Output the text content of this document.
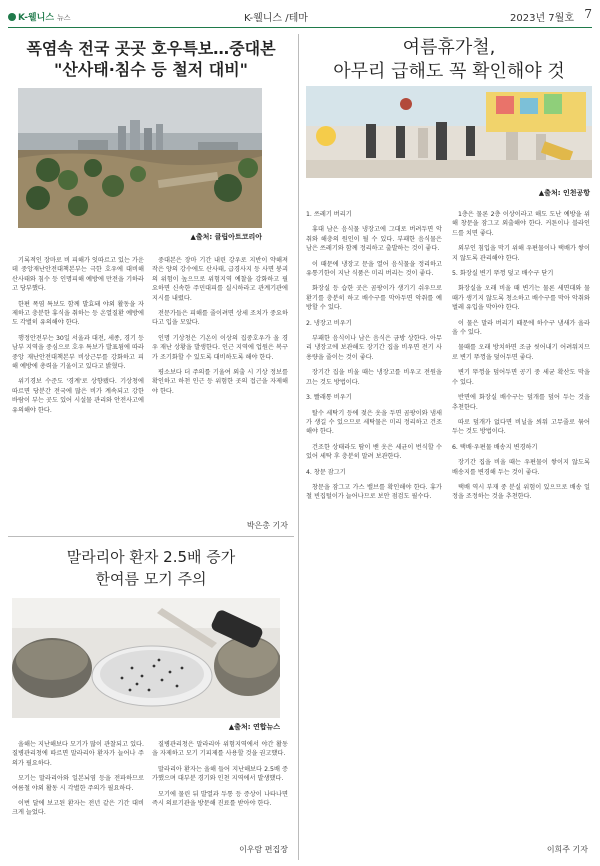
K-웰니스 뉴스	K-웰니스 /테마	2023년 7월호 7
폭염속 전국 곳곳 호우특보…중대본
"산사태·침수 등 철저 대비"
▲출처: 클립아트코리아

기록적인 장마로 비 피해가 잇따르고 있는 가운데 중앙재난안전대책본부는 극한 호우에 대비해 산사태와 침수 등 인명피해 예방에 만전을 기하라고 당부했다.

한편 폭염 특보도 함께 발효돼 야외 활동을 자제하고 충분한 휴식을 취하는 등 온열질환 예방에도 각별히 유의해야 한다.

행정안전부는 30일 서울과 대전, 세종, 경기 등 남부 지역을 중심으로 호우 특보가 발표됨에 따라 중앙 재난안전대책본부 비상근무를 강화하고 피해 예방에 총력을 기울이고 있다고 밝혔다.

위기경보 수준도 '경계'로 상향됐다. 기상청에 따르면 당분간 전국에 많은 비가 계속되고 강한 바람이 부는 곳도 있어 시설물 관리와 안전사고에 유의해야 한다.

중대본은 장마 기간 내린 강우로 지반이 약해져 작은 양의 강수에도 산사태, 급경사지 등 사면 붕괴의 위험이 높으므로 위험지역 예찰을 강화하고 필요하면 신속한 주민대피를 실시하라고 관계기관에 지시를 내렸다.

전문가들은 피해를 줄이려면 상세 조치가 중요하다고 입을 모았다.

인명 기상청은 기온이 이상의 집중호우가 올 경우 재난 상황을 발생한다. 인근 지역에 업원은 복구가 조기화할 수 있도록 대비하도록 해야 한다.

평소보다 더 주의를 기울여 외출 시 기상 정보를 확인하고 하천 인근 등 위험한 곳의 접근을 자제해야 한다.

박은총 기자
말라리아 환자 2.5배 증가
한여름 모기 주의
▲출처: 연합뉴스

올해는 지난해보다 모기가 많이 관찰되고 있다. 질병관리청에 따르면 말라리아 환자가 늘어나 주의가 필요하다.

모기는 말라리아와 일본뇌염 등을 전파하므로 여름철 야외 활동 시 각별한 주의가 필요하다.

이번 달에 보고된 환자는 전년 같은 기간 대비 크게 늘었다.

질병관리청은 말라리아 위험지역에서 야간 활동을 자제하고 모기 기피제를 사용할 것을 권고했다.

말라리아 환자는 올해 들어 지난해보다 2.5배 증가했으며 대부분 경기와 인천 지역에서 발생했다.

모기에 물린 뒤 발열과 두통 등 증상이 나타나면 즉시 의료기관을 방문해 진료를 받아야 한다.

이우람 편집장
여름휴가철,
아무리 급해도 꼭 확인해야 것
▲출처: 인천공항

1. 쓰레기 버리기

휴대 남은 음식물 냉장고에 그대로 버려두면 악취와 해충의 원인이 될 수 있다. 부패한 음식물은 남은 쓰레기와 함께 정리하고 출발하는 것이 좋다.

이 때문에 냉장고 문을 열어 음식물을 정리하고 유통기한이 지난 식품은 미리 버리는 것이 좋다.

화장실 등 습한 곳은 곰팡이가 생기기 쉬우므로 환기를 충분히 하고 배수구를 막아두면 악취를 예방할 수 있다.

2. 냉장고 비우기

부패한 음식이나 남은 음식은 금방 상한다. 아무리 냉장고에 보관해도 장기간 집을 비우면 전기 사용량을 줄이는 것이 좋다.

장기간 집을 비울 때는 냉장고를 비우고 전원을 끄는 것도 방법이다.

3. 빨래통 비우기

탈수 세탁기 등에 젖은 옷을 두면 곰팡이와 냄새가 생길 수 있으므로 세탁물은 미리 정리하고 건조해야 한다.

건조한 상태라도 땀이 밴 옷은 세균이 번식할 수 있어 세탁 후 충분히 말려 보관한다.

4. 창문 잠그기

창문을 잠그고 가스 밸브를 확인해야 한다. 휴가철 빈집털이가 늘어나므로 보안 점검도 필수다.

1층은 물론 2층 이상이라고 해도 도난 예방을 위해 창문을 잠그고 외출해야 한다. 커튼이나 블라인드를 치면 좋다.

외부인 침입을 막기 위해 우편물이나 택배가 쌓이지 않도록 관리해야 한다.

5. 화장실 변기 뚜껑 덮고 배수구 닫기

화장실을 오래 비울 때 변기는 물론 세면대와 물때가 생기지 않도록 청소하고 배수구를 막아 악취와 벌레 유입을 막아야 한다.

이 물은 말라 버리기 때문에 하수구 냄새가 올라올 수 있다.

물때를 오래 방치하면 조금 씻어내기 어려워지므로 변기 뚜껑을 덮어두면 좋다.

변기 뚜껑을 덮어두면 공기 중 세균 확산도 막을 수 있다.

반면에 화장실 배수구는 덮개를 덮어 두는 것을 추천한다.

따로 덮개가 없다면 비닐을 씌워 고무줄로 묶어 두는 것도 방법이다.

6. 택배·우편물 배송지 변경하기

장기간 집을 비울 때는 우편물이 쌓이지 않도록 배송지를 변경해 두는 것이 좋다.

택배 역시 부재 중 분실 위험이 있으므로 배송 일정을 조정하는 것을 추천한다.

이희주 기자
